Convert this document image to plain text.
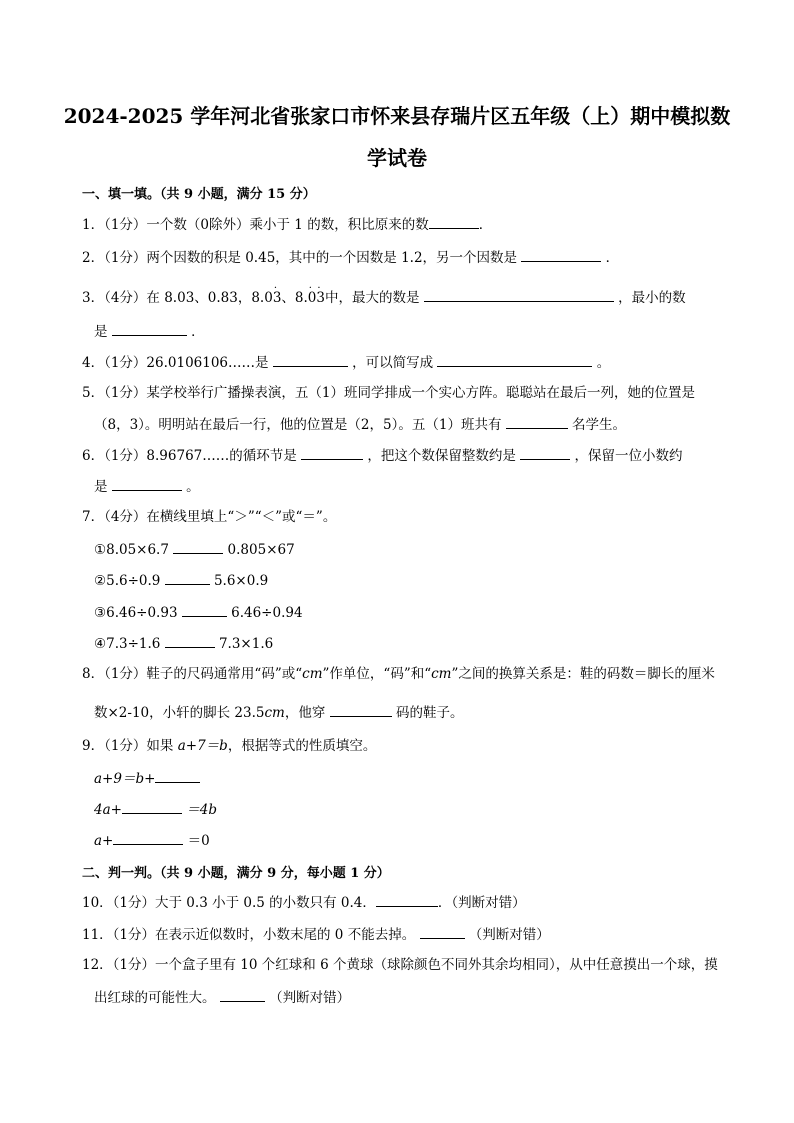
2024-2025 学年河北省张家口市怀来县存瑞片区五年级（上）期中模拟数
学试卷
一、填一填。（共 9 小题，满分 15 分）
1．（1分）一个数（0除外）乘小于 1 的数，积比原来的数	．
2．（1分）两个因数的积是 0.45，其中的一个因数是 1.2，另一个因数是	．
3．（4分）在 8.03、0.83，8.0· 3、8.· 0· 3中，最大的数是	，最小的数
是	．
4．（1分）26.0106106……是	，可以简写成	。
5．（1分）某学校举行广播操表演，五（1）班同学排成一个实心方阵。聪聪站在最后一列，她的位置是
（8，3）。明明站在最后一行，他的位置是（2，5）。五（1）班共有	名学生。
6．（1分）8.96767……的循环节是	，把这个数保留整数约是	，保留一位小数约
是	。
7．（4分）在横线里填上“＞”“＜”或“＝”。
①8.05×6.7	0.805×67
②5.6÷0.9	5.6×0.9
③6.46÷0.93	6.46÷0.94
④7.3÷1.6	7.3×1.6
8．（1分）鞋子的尺码通常用“码”或“cm”作单位，“码”和“cm”之间的换算关系是：鞋的码数＝脚长的厘米
数×2-10，小轩的脚长 23.5cm，他穿	码的鞋子。
9．（1分）如果 a+7＝b，根据等式的性质填空。
a+9＝b+
4a+	＝4b
a+	＝0
二、判一判。（共 9 小题，满分 9 分，每小题 1 分）
10．（1分）大于 0.3 小于 0.5 的小数只有 0.4．	．（判断对错）
11．（1分）在表示近似数时，小数末尾的 0 不能去掉。	（判断对错）
12．（1分）一个盒子里有 10 个红球和 6 个黄球（球除颜色不同外其余均相同），从中任意摸出一个球，摸
出红球的可能性大。	（判断对错）
